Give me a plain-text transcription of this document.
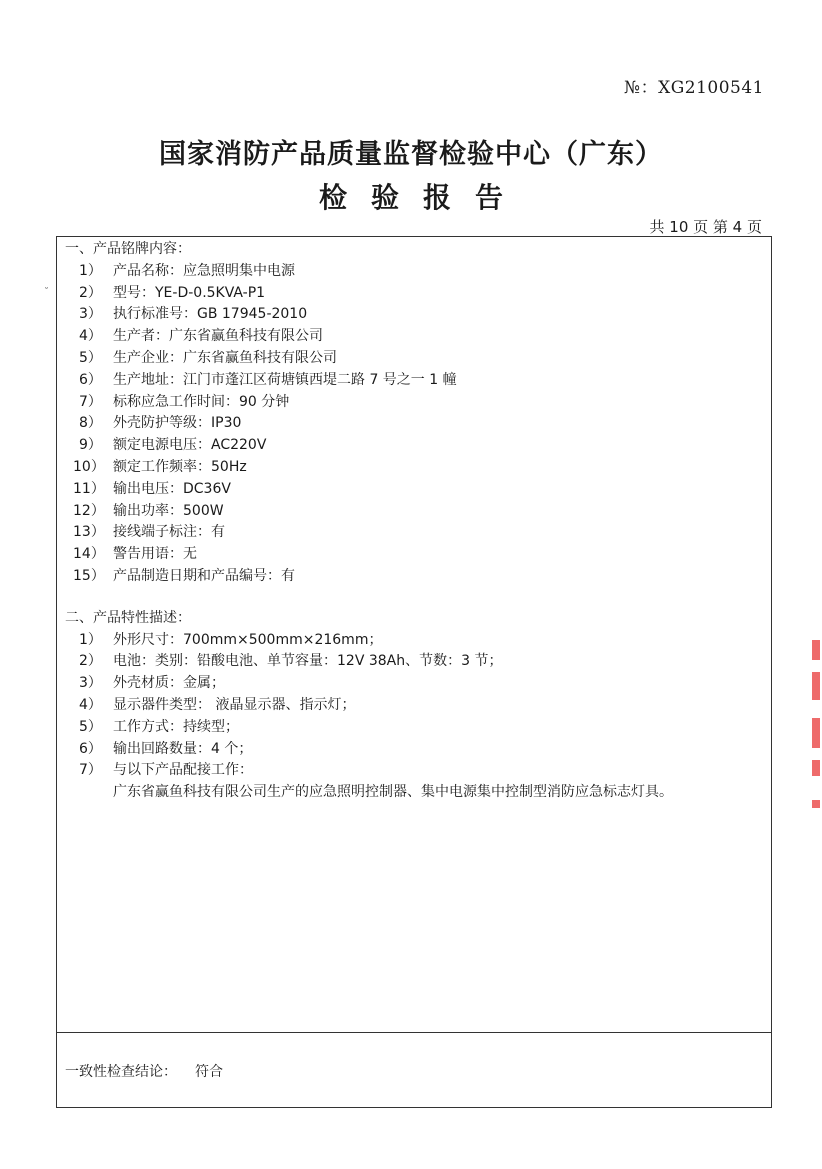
№：XG2100541
国家消防产品质量监督检验中心（广东）
检验报告
共 10 页 第 4 页
˘
一、产品铭牌内容：
1） 产品名称：应急照明集中电源
2） 型号：YE-D-0.5KVA-P1
3） 执行标准号：GB 17945-2010
4） 生产者：广东省赢鱼科技有限公司
5） 生产企业：广东省赢鱼科技有限公司
6） 生产地址：江门市蓬江区荷塘镇西堤二路 7 号之一 1 幢
7） 标称应急工作时间：90 分钟
8） 外壳防护等级：IP30
9） 额定电源电压：AC220V
10） 额定工作频率：50Hz
11） 输出电压：DC36V
12） 输出功率：500W
13） 接线端子标注：有
14） 警告用语：无
15） 产品制造日期和产品编号：有
二、产品特性描述：
1） 外形尺寸：700mm×500mm×216mm；
2） 电池：类别：铅酸电池、单节容量：12V 38Ah、节数：3 节；
3） 外壳材质：金属；
4） 显示器件类型： 液晶显示器、指示灯；
5） 工作方式：持续型；
6） 输出回路数量：4 个；
7） 与以下产品配接工作：
广东省赢鱼科技有限公司生产的应急照明控制器、集中电源集中控制型消防应急标志灯具。
一致性检查结论： 符合
